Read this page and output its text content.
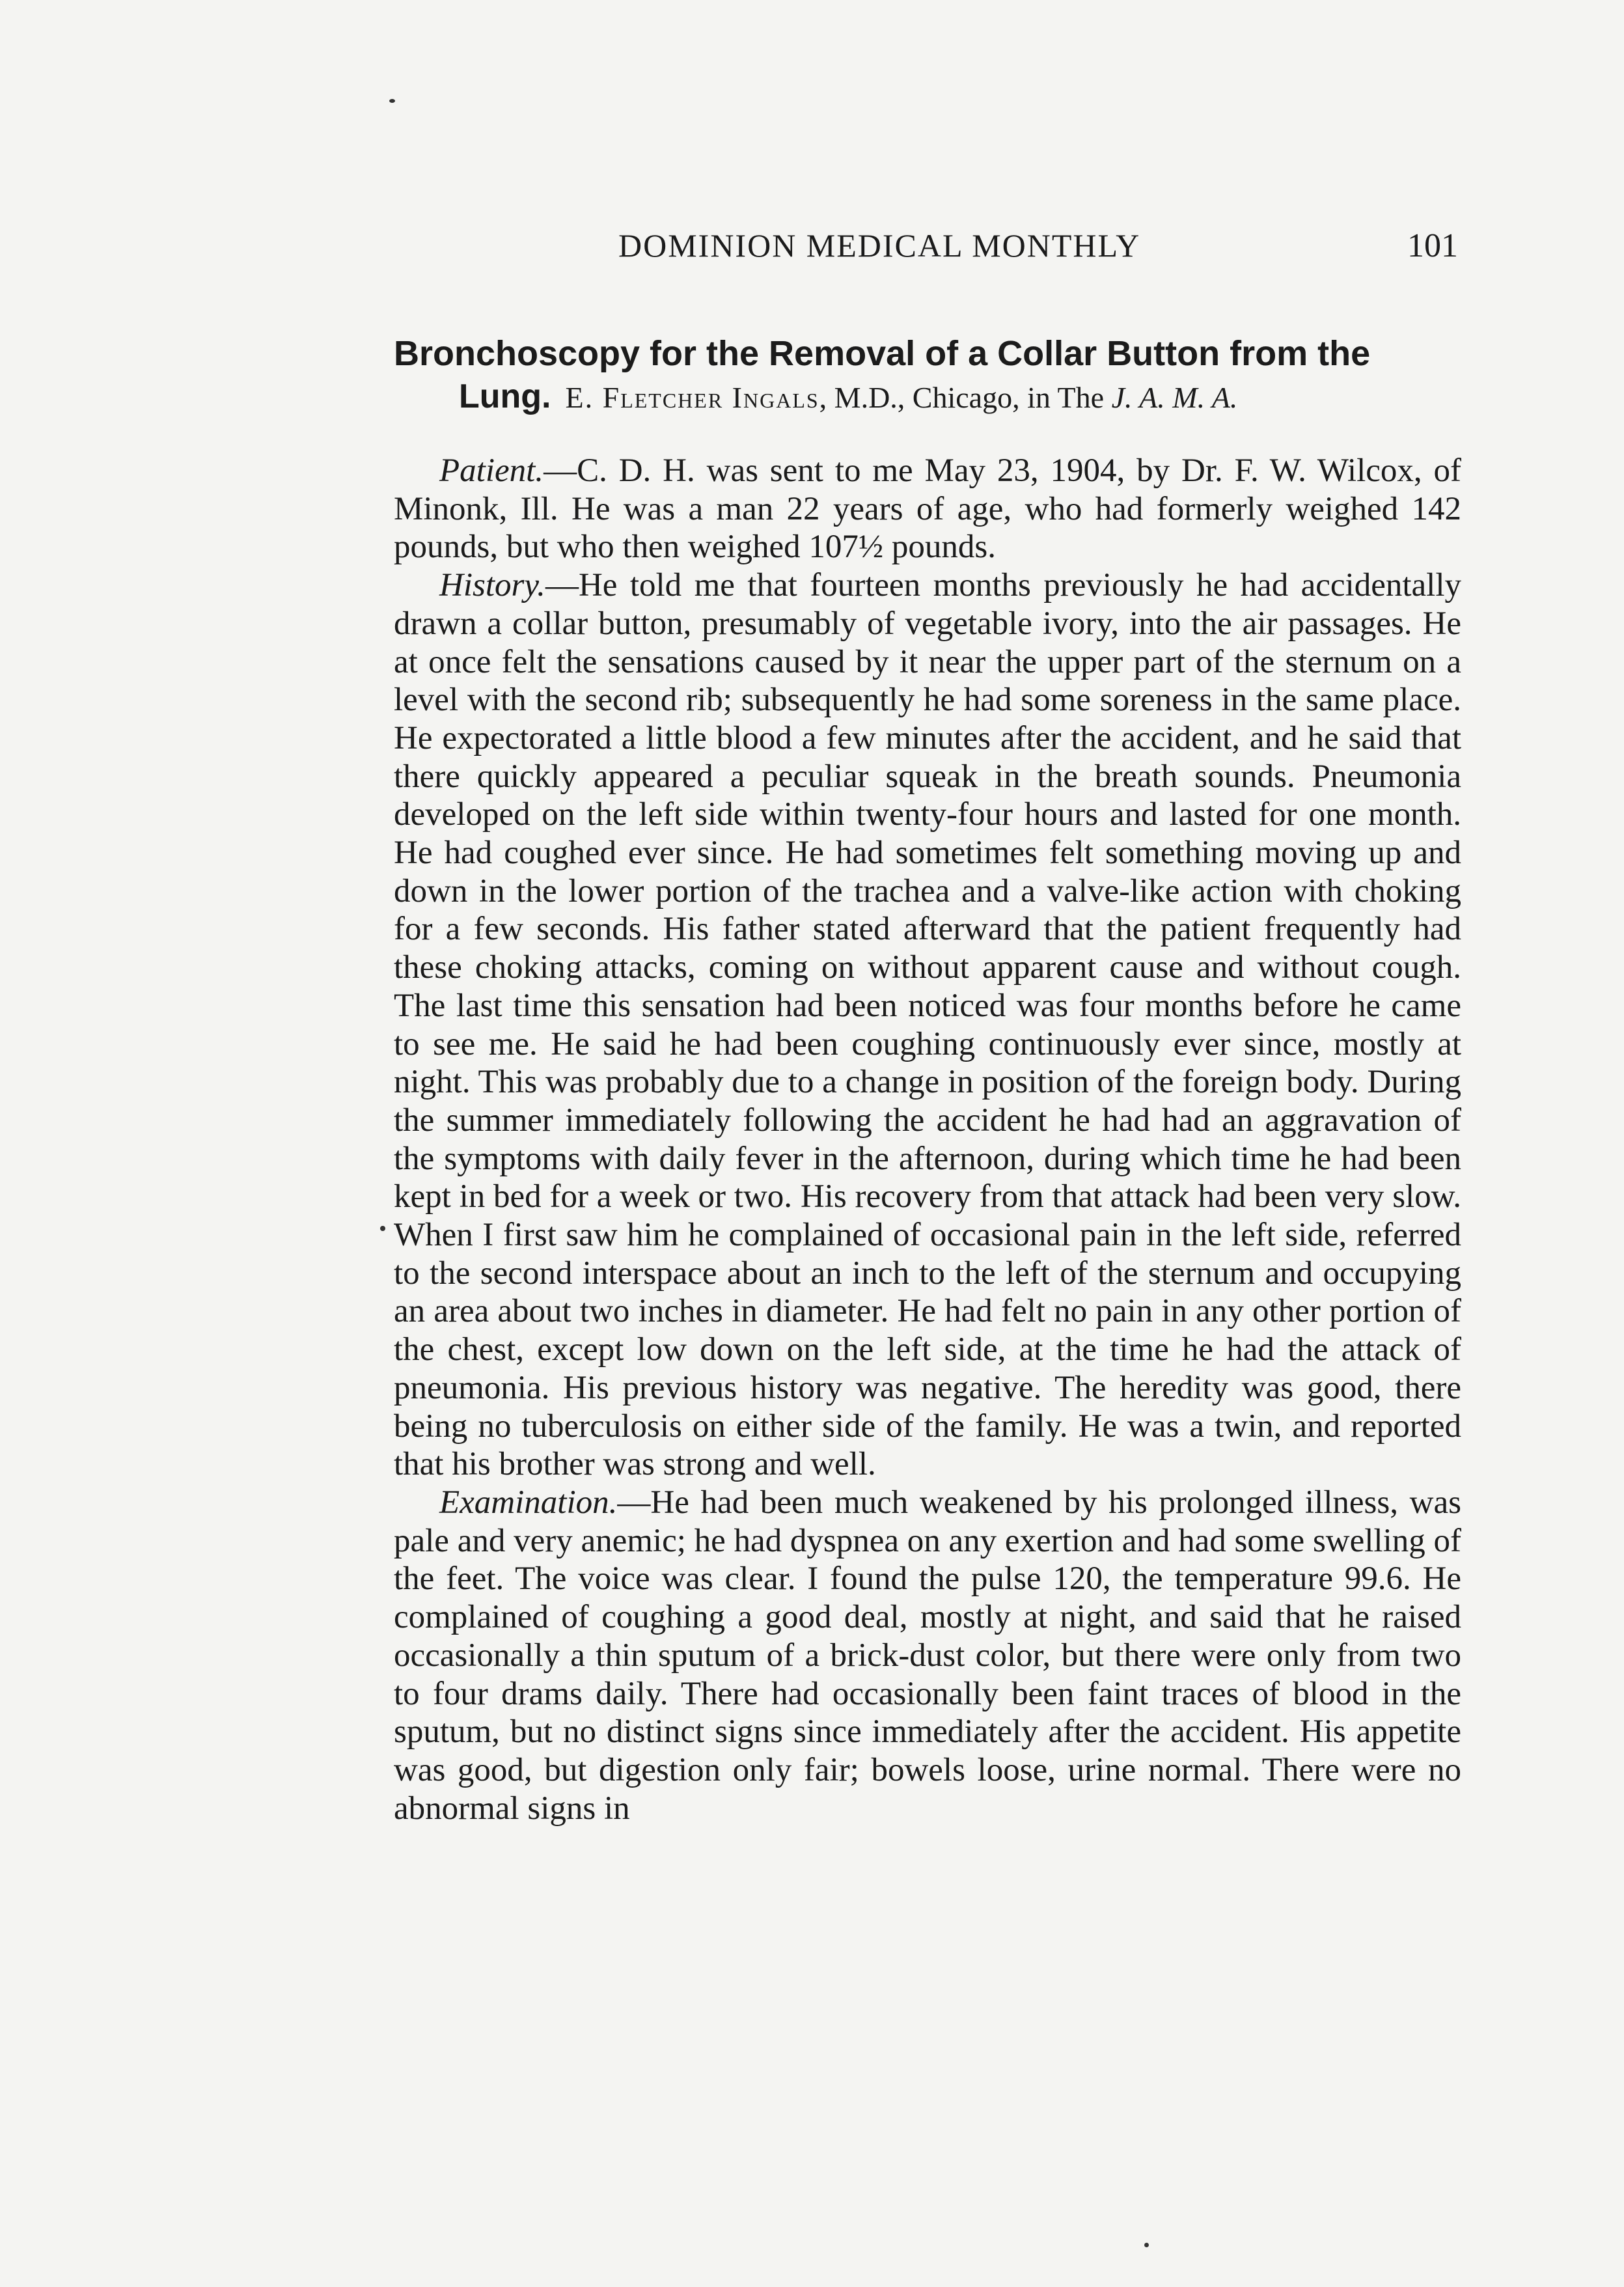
DOMINION MEDICAL MONTHLY	101
Bronchoscopy for the Removal of a Collar Button from the
Lung. E. Fletcher Ingals, M.D., Chicago, in The J. A. M. A.

Patient.—C. D. H. was sent to me May 23, 1904, by Dr. F. W. Wilcox, of Minonk, Ill. He was a man 22 years of age, who had formerly weighed 142 pounds, but who then weighed 107½ pounds.

History.—He told me that fourteen months previously he had accidentally drawn a collar button, presumably of vegetable ivory, into the air passages. He at once felt the sensations caused by it near the upper part of the sternum on a level with the second rib; subsequently he had some soreness in the same place. He expectorated a little blood a few minutes after the accident, and he said that there quickly appeared a peculiar squeak in the breath sounds. Pneumonia developed on the left side within twenty-four hours and lasted for one month. He had coughed ever since. He had sometimes felt something moving up and down in the lower portion of the trachea and a valve-like action with choking for a few seconds. His father stated afterward that the patient frequently had these choking attacks, coming on without apparent cause and without cough. The last time this sensation had been noticed was four months before he came to see me. He said he had been coughing continuously ever since, mostly at night. This was probably due to a change in position of the foreign body. During the summer immediately following the accident he had had an aggravation of the symptoms with daily fever in the afternoon, during which time he had been kept in bed for a week or two. His recovery from that attack had been very slow. When I first saw him he complained of occasional pain in the left side, referred to the second interspace about an inch to the left of the sternum and occupying an area about two inches in diameter. He had felt no pain in any other portion of the chest, except low down on the left side, at the time he had the attack of pneumonia. His previous history was negative. The heredity was good, there being no tuberculosis on either side of the family. He was a twin, and reported that his brother was strong and well.

Examination.—He had been much weakened by his prolonged illness, was pale and very anemic; he had dyspnea on any exertion and had some swelling of the feet. The voice was clear. I found the pulse 120, the temperature 99.6. He complained of coughing a good deal, mostly at night, and said that he raised occasionally a thin sputum of a brick-dust color, but there were only from two to four drams daily. There had occasionally been faint traces of blood in the sputum, but no distinct signs since immediately after the accident. His appetite was good, but digestion only fair; bowels loose, urine normal. There were no abnormal signs in
